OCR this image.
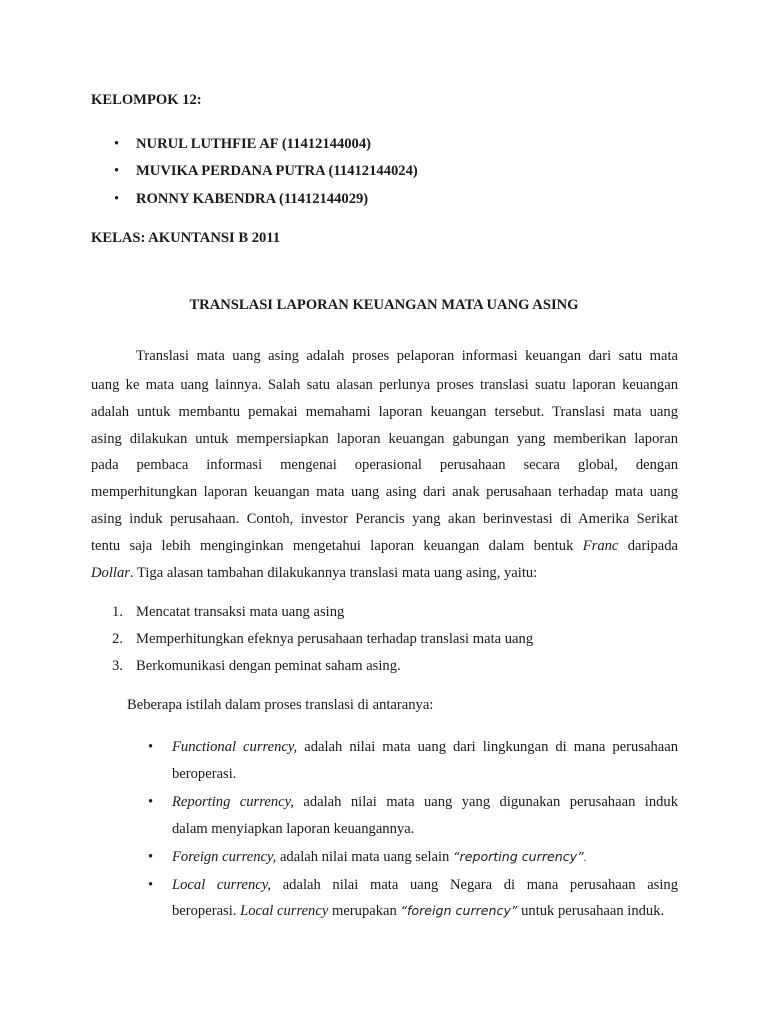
KELOMPOK 12:
• NURUL LUTHFIE AF (11412144004)
• MUVIKA PERDANA PUTRA (11412144024)
• RONNY KABENDRA (11412144029)
KELAS: AKUNTANSI B 2011
TRANSLASI LAPORAN KEUANGAN MATA UANG ASING
Translasi mata uang asing adalah proses pelaporan informasi keuangan dari satu mata
uang ke mata uang lainnya. Salah satu alasan perlunya proses translasi suatu laporan keuangan
adalah untuk membantu pemakai memahami laporan keuangan tersebut. Translasi mata uang
asing dilakukan untuk mempersiapkan laporan keuangan gabungan yang memberikan laporan
pada pembaca informasi mengenai operasional perusahaan secara global, dengan
memperhitungkan laporan keuangan mata uang asing dari anak perusahaan terhadap mata uang
asing induk perusahaan. Contoh, investor Perancis yang akan berinvestasi di Amerika Serikat
tentu saja lebih menginginkan mengetahui laporan keuangan dalam bentuk Franc daripada
Dollar. Tiga alasan tambahan dilakukannya translasi mata uang asing, yaitu:
1. Mencatat transaksi mata uang asing
2. Memperhitungkan efeknya perusahaan terhadap translasi mata uang
3. Berkomunikasi dengan peminat saham asing.
Beberapa istilah dalam proses translasi di antaranya:
• Functional currency, adalah nilai mata uang dari lingkungan di mana perusahaan
beroperasi.
• Reporting currency, adalah nilai mata uang yang digunakan perusahaan induk
dalam menyiapkan laporan keuangannya.
• Foreign currency, adalah nilai mata uang selain “reporting currency”.
• Local currency, adalah nilai mata uang Negara di mana perusahaan asing
beroperasi. Local currency merupakan “foreign currency” untuk perusahaan induk.
